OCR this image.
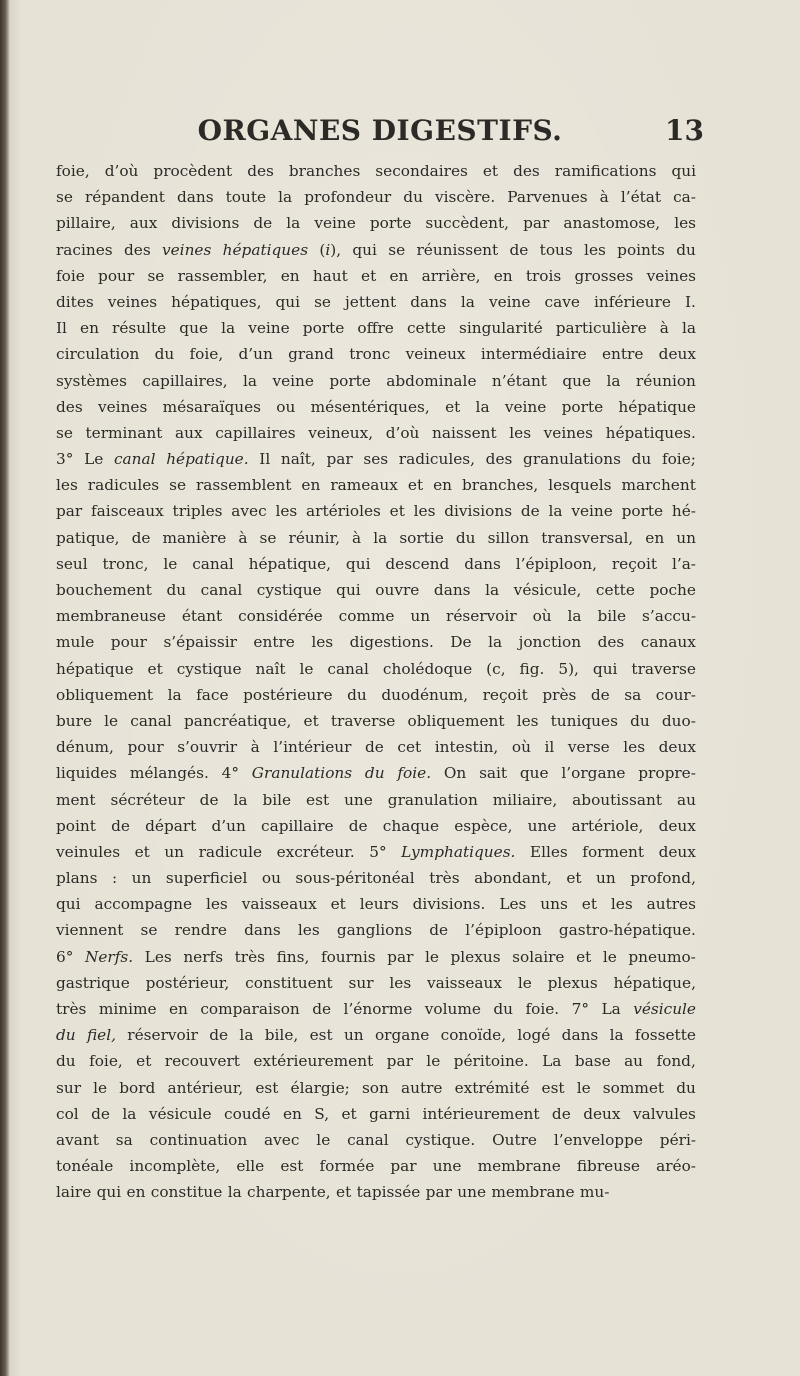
ORGANES DIGESTIFS.	13
foie, d’où procèdent des branches secondaires et des ramifications qui
se répandent dans toute la profondeur du viscère. Parvenues à l’état ca-
pillaire, aux divisions de la veine porte succèdent, par anastomose, les
racines des veines hépatiques (i), qui se réunissent de tous les points du
foie pour se rassembler, en haut et en arrière, en trois grosses veines
dites veines hépatiques, qui se jettent dans la veine cave inférieure I.
Il en résulte que la veine porte offre cette singularité particulière à la
circulation du foie, d’un grand tronc veineux intermédiaire entre deux
systèmes capillaires, la veine porte abdominale n’étant que la réunion
des veines mésaraïques ou mésentériques, et la veine porte hépatique
se terminant aux capillaires veineux, d’où naissent les veines hépatiques.
3° Le canal hépatique. Il naît, par ses radicules, des granulations du foie;
les radicules se rassemblent en rameaux et en branches, lesquels marchent
par faisceaux triples avec les artérioles et les divisions de la veine porte hé-
patique, de manière à se réunir, à la sortie du sillon transversal, en un
seul tronc, le canal hépatique, qui descend dans l’épiploon, reçoit l’a-
bouchement du canal cystique qui ouvre dans la vésicule, cette poche
membraneuse étant considérée comme un réservoir où la bile s’accu-
mule pour s’épaissir entre les digestions. De la jonction des canaux
hépatique et cystique naît le canal cholédoque (c, fig. 5), qui traverse
obliquement la face postérieure du duodénum, reçoit près de sa cour-
bure le canal pancréatique, et traverse obliquement les tuniques du duo-
dénum, pour s’ouvrir à l’intérieur de cet intestin, où il verse les deux
liquides mélangés. 4° Granulations du foie. On sait que l’organe propre-
ment sécréteur de la bile est une granulation miliaire, aboutissant au
point de départ d’un capillaire de chaque espèce, une artériole, deux
veinules et un radicule excréteur. 5° Lymphatiques. Elles forment deux
plans : un superficiel ou sous-péritonéal très abondant, et un profond,
qui accompagne les vaisseaux et leurs divisions. Les uns et les autres
viennent se rendre dans les ganglions de l’épiploon gastro-hépatique.
6° Nerfs. Les nerfs très fins, fournis par le plexus solaire et le pneumo-
gastrique postérieur, constituent sur les vaisseaux le plexus hépatique,
très minime en comparaison de l’énorme volume du foie. 7° La vésicule
du fiel, réservoir de la bile, est un organe conoïde, logé dans la fossette
du foie, et recouvert extérieurement par le péritoine. La base au fond,
sur le bord antérieur, est élargie; son autre extrémité est le sommet du
col de la vésicule coudé en S, et garni intérieurement de deux valvules
avant sa continuation avec le canal cystique. Outre l’enveloppe péri-
tonéale incomplète, elle est formée par une membrane fibreuse aréo-
laire qui en constitue la charpente, et tapissée par une membrane mu-
